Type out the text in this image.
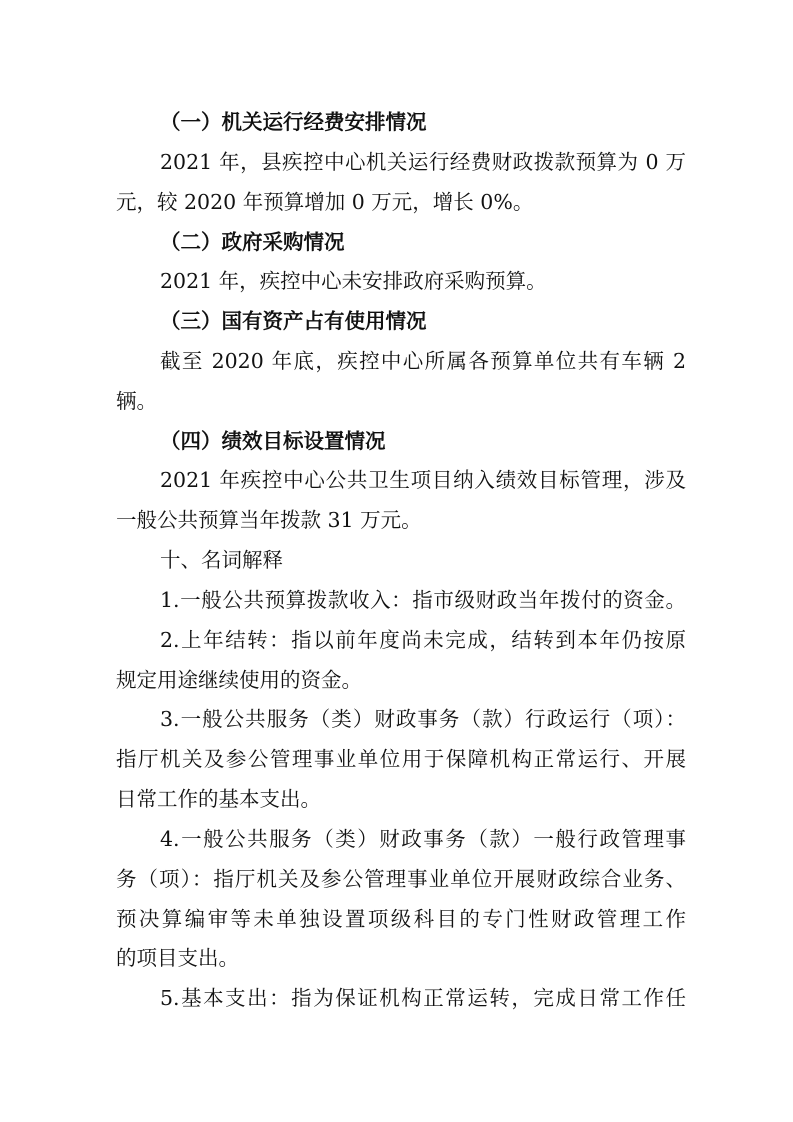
（一）机关运行经费安排情况
2021 年，县疾控中心机关运行经费财政拨款预算为 0 万
元，较 2020 年预算增加 0 万元，增长 0%。
（二）政府采购情况
2021 年，疾控中心未安排政府采购预算。
（三）国有资产占有使用情况
截至 2020 年底，疾控中心所属各预算单位共有车辆 2
辆。
（四）绩效目标设置情况
2021 年疾控中心公共卫生项目纳入绩效目标管理，涉及
一般公共预算当年拨款 31 万元。
十、名词解释
1.一般公共预算拨款收入：指市级财政当年拨付的资金。
2.上年结转：指以前年度尚未完成，结转到本年仍按原
规定用途继续使用的资金。
3.一般公共服务（类）财政事务（款）行政运行（项）：
指厅机关及参公管理事业单位用于保障机构正常运行、开展
日常工作的基本支出。
4.一般公共服务（类）财政事务（款）一般行政管理事
务（项）：指厅机关及参公管理事业单位开展财政综合业务、
预决算编审等未单独设置项级科目的专门性财政管理工作
的项目支出。
5.基本支出：指为保证机构正常运转，完成日常工作任
